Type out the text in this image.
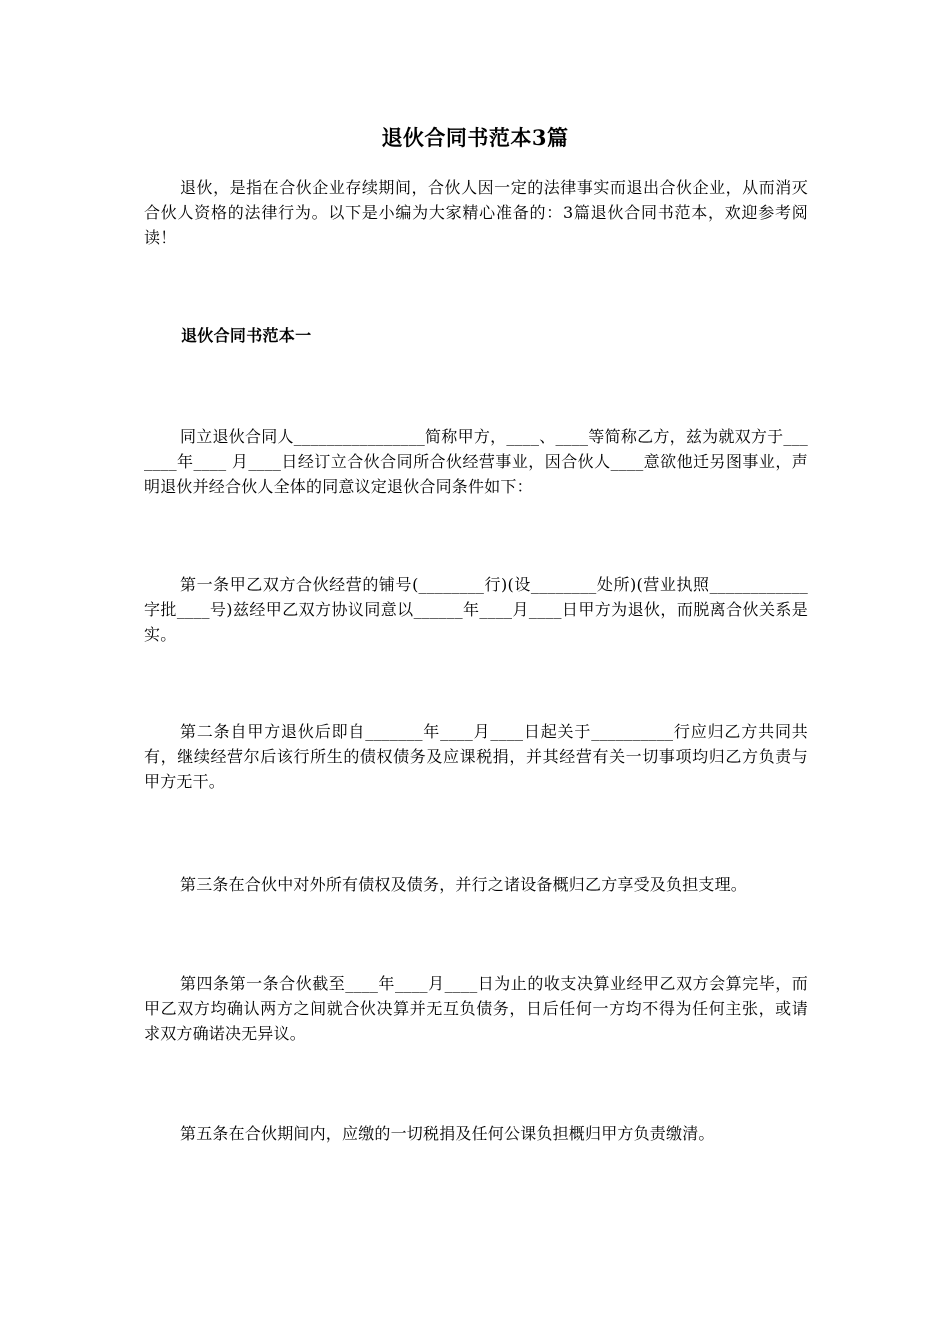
退伙合同书范本3篇
退伙，是指在合伙企业存续期间，合伙人因一定的法律事实而退出合伙企业，从而消灭合伙人资格的法律行为。以下是小编为大家精心准备的：3篇退伙合同书范本，欢迎参考阅读！
退伙合同书范本一
同立退伙合同人________________简称甲方，____、____等简称乙方，兹为就双方于_______年____ 月____日经订立合伙合同所合伙经营事业，因合伙人____意欲他迁另图事业，声明退伙并经合伙人全体的同意议定退伙合同条件如下：
第一条甲乙双方合伙经营的铺号(________行)(设________处所)(营业执照____________字批____号)兹经甲乙双方协议同意以______年____月____日甲方为退伙，而脱离合伙关系是实。
第二条自甲方退伙后即自_______年____月____日起关于__________行应归乙方共同共有，继续经营尔后该行所生的债权债务及应课税捐，并其经营有关一切事项均归乙方负责与甲方无干。
第三条在合伙中对外所有债权及债务，并行之诸设备概归乙方享受及负担支理。
第四条第一条合伙截至____年____月____日为止的收支决算业经甲乙双方会算完毕，而甲乙双方均确认两方之间就合伙决算并无互负债务，日后任何一方均不得为任何主张，或请求双方确诺决无异议。
第五条在合伙期间内，应缴的一切税捐及任何公课负担概归甲方负责缴清。
